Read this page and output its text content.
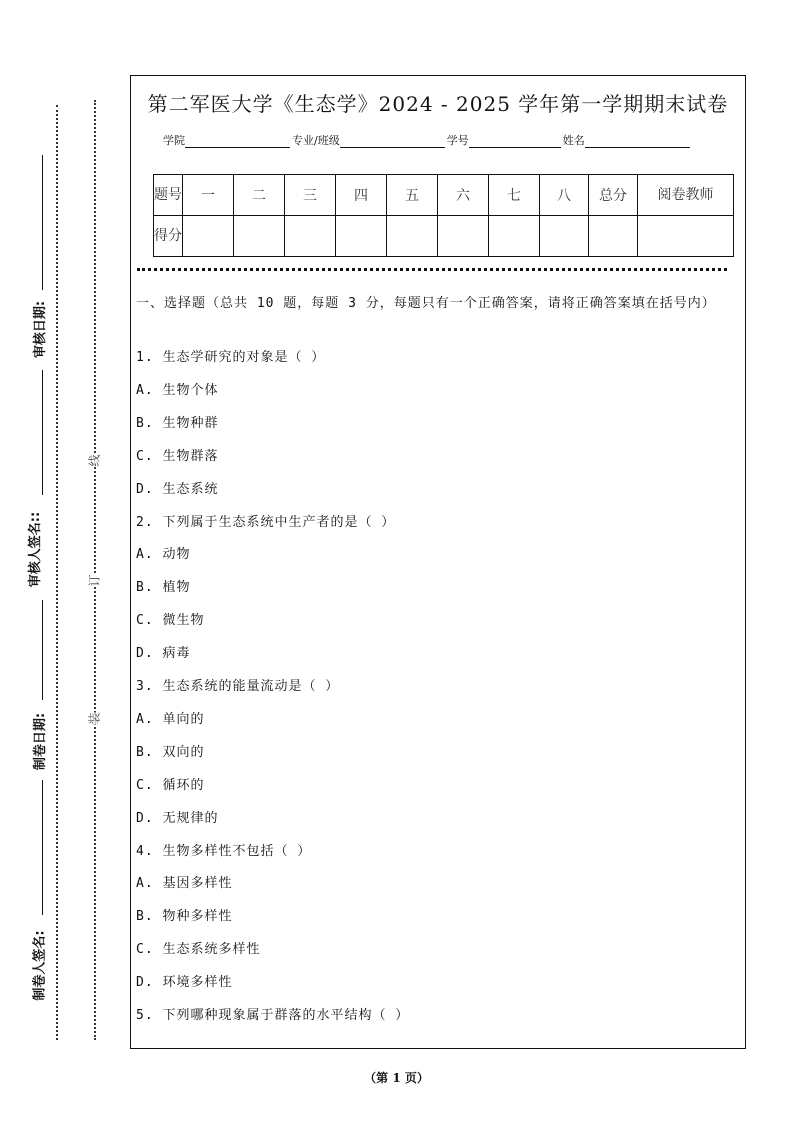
线
订
装
审核日期:
审核人签名::
制卷日期:
制卷人签名:
第二军医大学《生态学》2024 - 2025 学年第一学期期末试卷
学院	专业/班级	学号	姓名
题号	一	二	三	四	五	六	七	八	总分	阅卷教师
得分										
一、选择题（总共 10 题，每题 3 分，每题只有一个正确答案，请将正确答案填在括号内）
1. 生态学研究的对象是（ ）
A. 生物个体
B. 生物种群
C. 生物群落
D. 生态系统
2. 下列属于生态系统中生产者的是（ ）
A. 动物
B. 植物
C. 微生物
D. 病毒
3. 生态系统的能量流动是（ ）
A. 单向的
B. 双向的
C. 循环的
D. 无规律的
4. 生物多样性不包括（ ）
A. 基因多样性
B. 物种多样性
C. 生态系统多样性
D. 环境多样性
5. 下列哪种现象属于群落的水平结构（ ）
（第 1 页）
